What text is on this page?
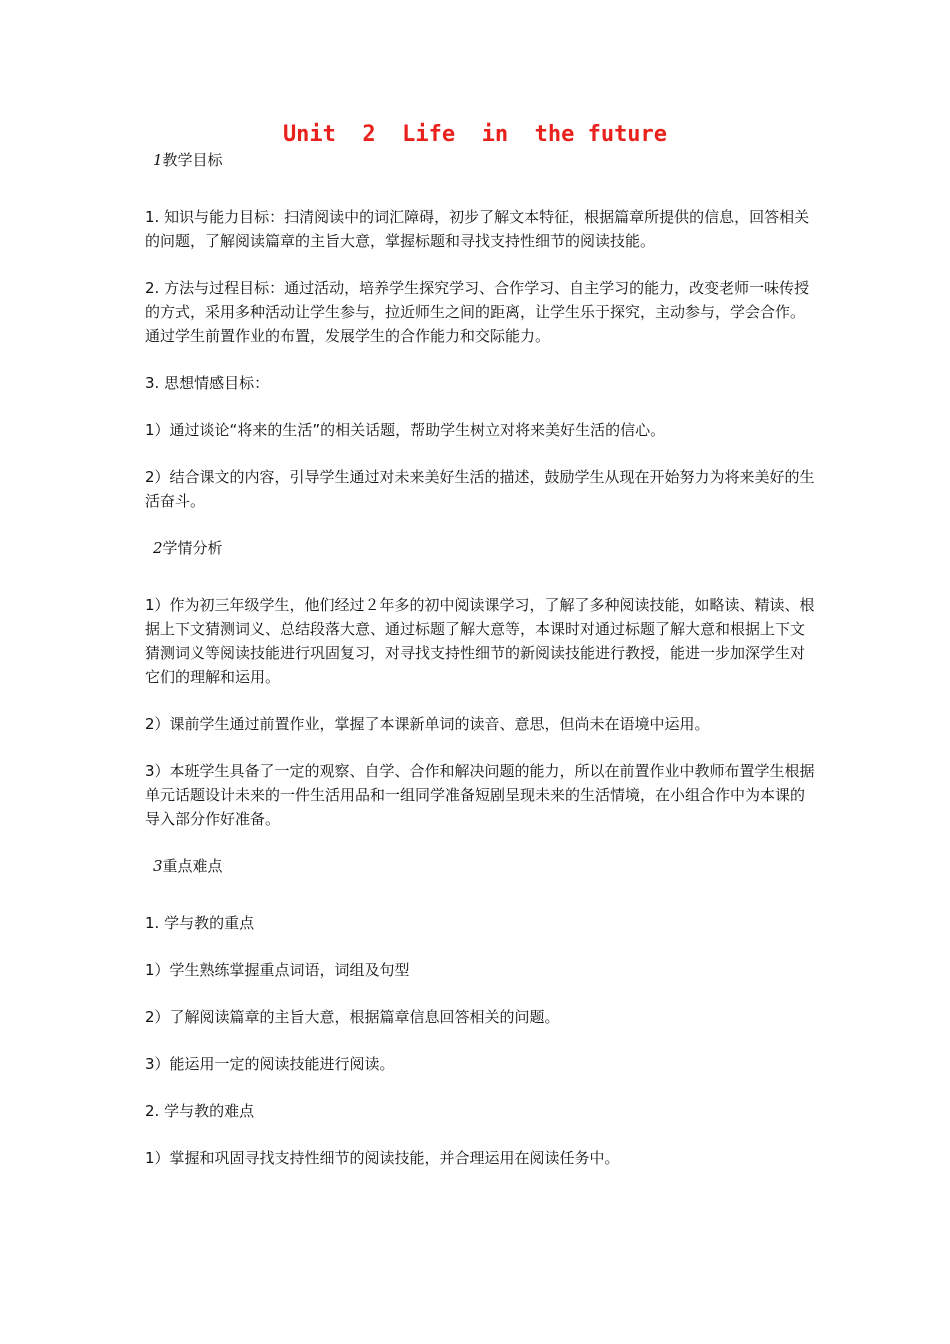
Unit  2  Life  in  the future

1教学目标

1. 知识与能力目标：扫清阅读中的词汇障碍，初步了解文本特征，根据篇章所提供的信息，回答相关的问题，了解阅读篇章的主旨大意，掌握标题和寻找支持性细节的阅读技能。

2. 方法与过程目标：通过活动，培养学生探究学习、合作学习、自主学习的能力，改变老师一味传授的方式，采用多种活动让学生参与，拉近师生之间的距离，让学生乐于探究，主动参与，学会合作。通过学生前置作业的布置，发展学生的合作能力和交际能力。

3. 思想情感目标：

1）通过谈论“将来的生活”的相关话题，帮助学生树立对将来美好生活的信心。

2）结合课文的内容，引导学生通过对未来美好生活的描述，鼓励学生从现在开始努力为将来美好的生活奋斗。

2学情分析

1）作为初三年级学生，他们经过２年多的初中阅读课学习，了解了多种阅读技能，如略读、精读、根据上下文猜测词义、总结段落大意、通过标题了解大意等，本课时对通过标题了解大意和根据上下文猜测词义等阅读技能进行巩固复习，对寻找支持性细节的新阅读技能进行教授，能进一步加深学生对它们的理解和运用。

2）课前学生通过前置作业，掌握了本课新单词的读音、意思，但尚未在语境中运用。

3）本班学生具备了一定的观察、自学、合作和解决问题的能力，所以在前置作业中教师布置学生根据单元话题设计未来的一件生活用品和一组同学准备短剧呈现未来的生活情境，在小组合作中为本课的导入部分作好准备。

3重点难点

1. 学与教的重点

1）学生熟练掌握重点词语，词组及句型

2）了解阅读篇章的主旨大意，根据篇章信息回答相关的问题。

3）能运用一定的阅读技能进行阅读。

2. 学与教的难点

1）掌握和巩固寻找支持性细节的阅读技能，并合理运用在阅读任务中。
